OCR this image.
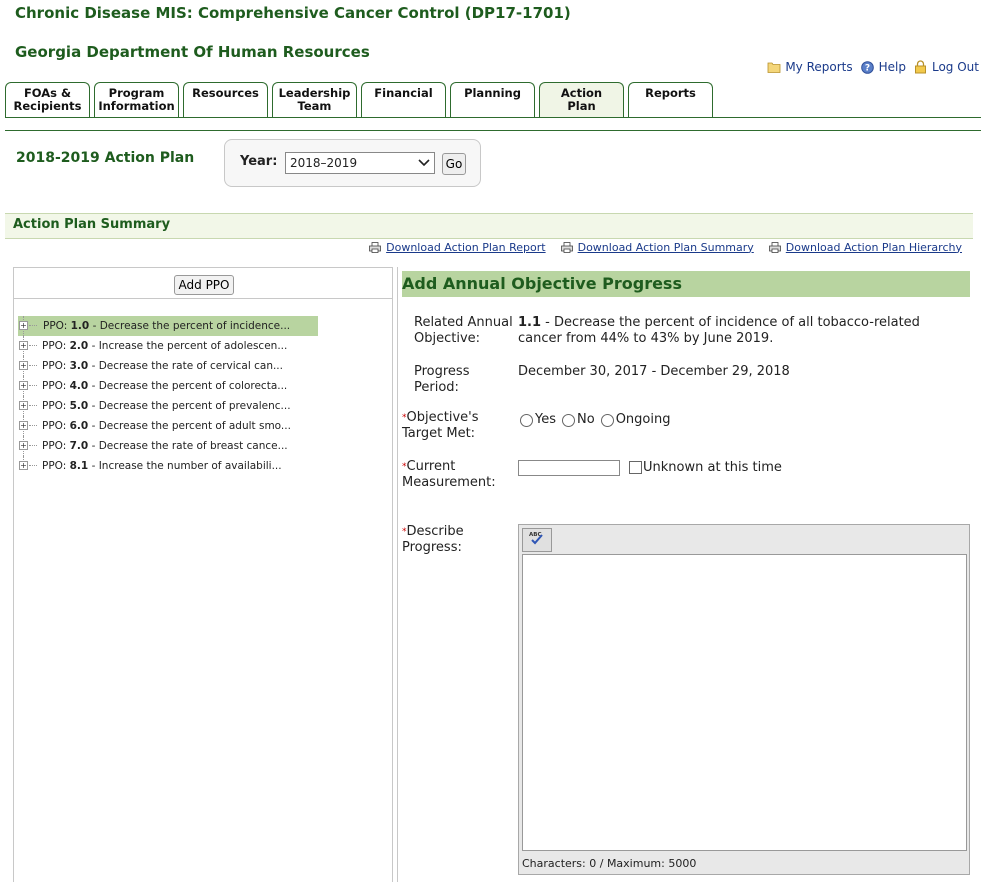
Chronic Disease MIS: Comprehensive Cancer Control (DP17-1701)
Georgia Department Of Human Resources
My Reports ? Help Log Out
FOAs &
Recipients
Program
Information
Resources Leadership
Team
Financial	Planning	Action
Plan
Reports
2018-2019 Action Plan	Year: 2018–2019	Go
Action Plan Summary
Download Action Plan Report	Download Action Plan Summary	Download Action Plan Hierarchy
Add PPO
+ PPO: 1.0 - Decrease the percent of incidence...
+ PPO: 2.0 - Increase the percent of adolescen...
+ PPO: 3.0 - Decrease the rate of cervical can...
+ PPO: 4.0 - Decrease the percent of colorecta...
+ PPO: 5.0 - Decrease the percent of prevalenc...
+ PPO: 6.0 - Decrease the percent of adult smo...
+ PPO: 7.0 - Decrease the rate of breast cance...
+ PPO: 8.1 - Increase the number of availabili...
Add Annual Objective Progress
Related Annual
Objective:
1.1 - Decrease the percent of incidence of all tobacco-related
cancer from 44% to 43% by June 2019.
Progress
Period:
December 30, 2017 - December 29, 2018
*Objective's
Target Met:
Yes No Ongoing
*Current
Measurement:
Unknown at this time
*Describe
Progress:
ABC
Characters: 0 / Maximum: 5000
